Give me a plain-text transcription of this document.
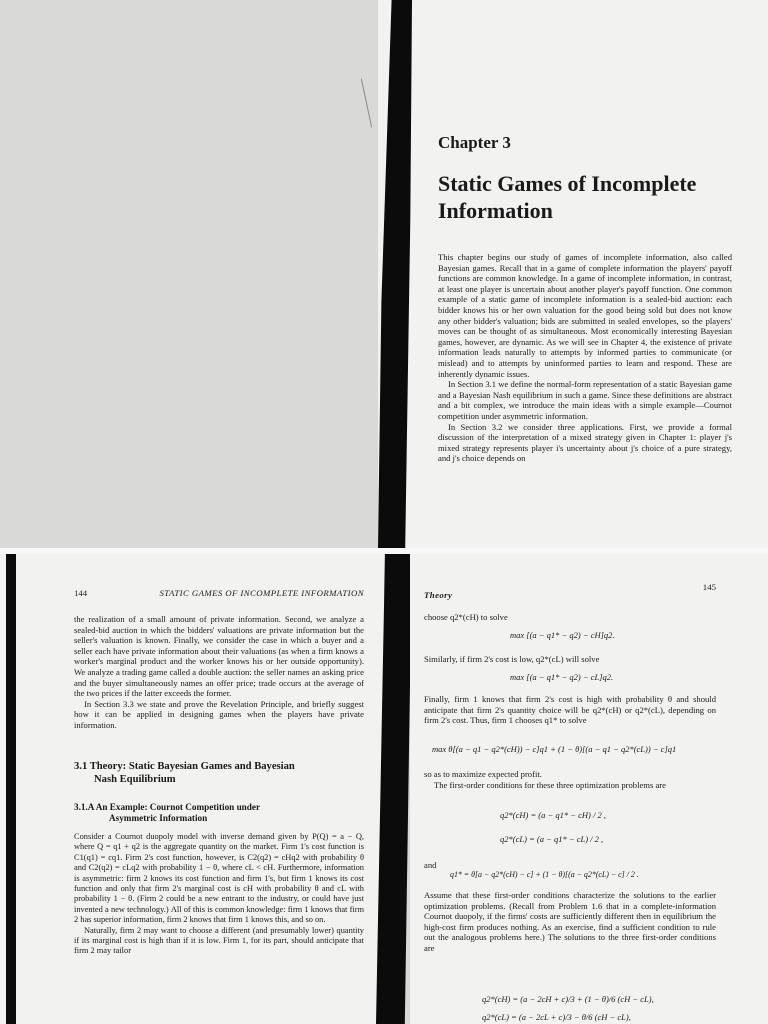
Chapter 3
Static Games of Incomplete
Information

This chapter begins our study of games of incomplete information, also called Bayesian games. Recall that in a game of complete information the players' payoff functions are common knowledge. In a game of incomplete information, in contrast, at least one player is uncertain about another player's payoff function. One common example of a static game of incomplete information is a sealed-bid auction: each bidder knows his or her own valuation for the good being sold but does not know any other bidder's valuation; bids are submitted in sealed envelopes, so the players' moves can be thought of as simultaneous. Most economically interesting Bayesian games, however, are dynamic. As we will see in Chapter 4, the existence of private information leads naturally to attempts by informed parties to communicate (or mislead) and to attempts by uninformed parties to learn and respond. These are inherently dynamic issues.

In Section 3.1 we define the normal-form representation of a static Bayesian game and a Bayesian Nash equilibrium in such a game. Since these definitions are abstract and a bit complex, we introduce the main ideas with a simple example—Cournot competition under asymmetric information.

In Section 3.2 we consider three applications. First, we provide a formal discussion of the interpretation of a mixed strategy given in Chapter 1: player j's mixed strategy represents player i's uncertainty about j's choice of a pure strategy, and j's choice depends on

144	STATIC GAMES OF INCOMPLETE INFORMATION

the realization of a small amount of private information. Second, we analyze a sealed-bid auction in which the bidders' valuations are private information but the seller's valuation is known. Finally, we consider the case in which a buyer and a seller each have private information about their valuations (as when a firm knows a worker's marginal product and the worker knows his or her outside opportunity). We analyze a trading game called a double auction: the seller names an asking price and the buyer simultaneously names an offer price; trade occurs at the average of the two prices if the latter exceeds the former.

In Section 3.3 we state and prove the Revelation Principle, and briefly suggest how it can be applied in designing games when the players have private information.

3.1 Theory: Static Bayesian Games and Bayesian
Nash Equilibrium
3.1.A An Example: Cournot Competition under
Asymmetric Information

Consider a Cournot duopoly model with inverse demand given by P(Q) = a − Q, where Q = q1 + q2 is the aggregate quantity on the market. Firm 1's cost function is C1(q1) = cq1. Firm 2's cost function, however, is C2(q2) = cHq2 with probability θ and C2(q2) = cLq2 with probability 1 − θ, where cL < cH. Furthermore, information is asymmetric: firm 2 knows its cost function and firm 1's, but firm 1 knows its cost function and only that firm 2's marginal cost is cH with probability θ and cL with probability 1 − θ. (Firm 2 could be a new entrant to the industry, or could have just invented a new technology.) All of this is common knowledge: firm 1 knows that firm 2 has superior information, firm 2 knows that firm 1 knows this, and so on.

Naturally, firm 2 may want to choose a different (and presumably lower) quantity if its marginal cost is high than if it is low. Firm 1, for its part, should anticipate that firm 2 may tailor

Theory
145

choose q2*(cH) to solve

max [(a − q1* − q2) − cH]q2.

Similarly, if firm 2's cost is low, q2*(cL) will solve

max [(a − q1* − q2) − cL]q2.

Finally, firm 1 knows that firm 2's cost is high with probability θ and should anticipate that firm 2's quantity choice will be q2*(cH) or q2*(cL), depending on firm 2's cost. Thus, firm 1 chooses q1* to solve

max θ[(a − q1 − q2*(cH)) − c]q1 + (1 − θ)[(a − q1 − q2*(cL)) − c]q1

so as to maximize expected profit.

The first-order conditions for these three optimization problems are

q2*(cH) = (a − q1* − cH) / 2 ,
q2*(cL) = (a − q1* − cL) / 2 ,
and
q1* = θ[a − q2*(cH) − c] + (1 − θ)[(a − q2*(cL) − c] / 2 .

Assume that these first-order conditions characterize the solutions to the earlier optimization problems. (Recall from Problem 1.6 that in a complete-information Cournot duopoly, if the firms' costs are sufficiently different then in equilibrium the high-cost firm produces nothing. As an exercise, find a sufficient condition to rule out the analogous problems here.) The solutions to the three first-order conditions are

q2*(cH) = (a − 2cH + c)/3 + (1 − θ)/6 (cH − cL),
q2*(cL) = (a − 2cL + c)/3 − θ/6 (cH − cL),
